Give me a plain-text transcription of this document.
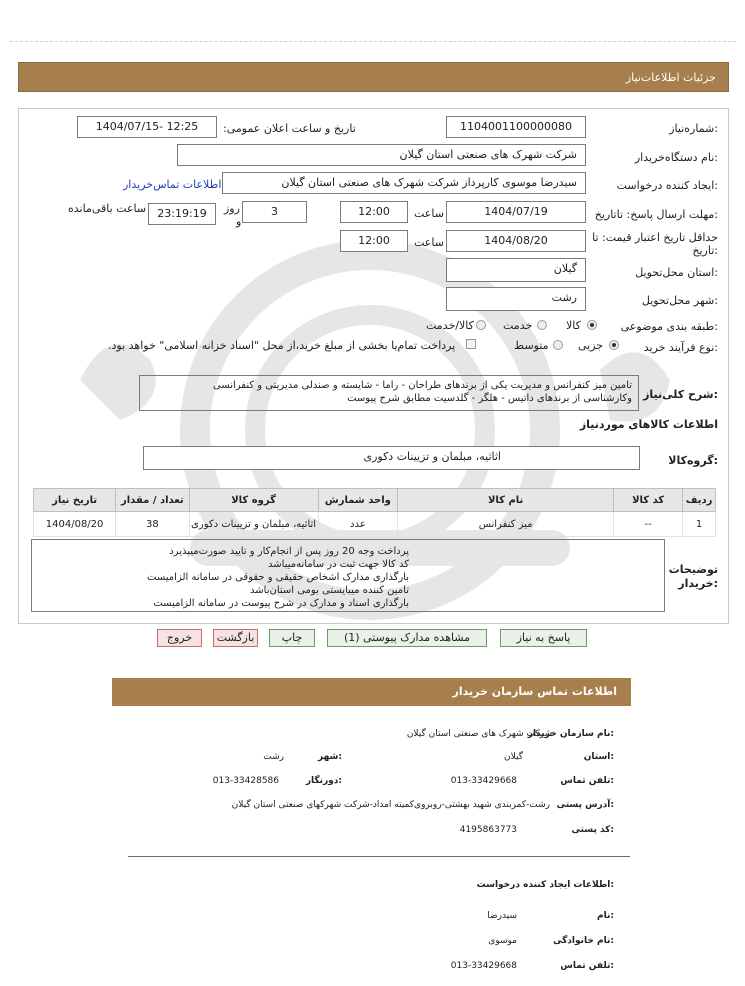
جزئیات اطلاعات‌نیاز
شماره‌نیاز:
1104001100000080
تاریخ و ساعت اعلان عمومی:
1404/07/15- 12:25
نام دستگاه‌خریدار:
شرکت شهرک های صنعتی استان گیلان
ایجاد کننده درخواست:
سیدرضا موسوی کارپرداز شرکت شهرک های صنعتی استان گیلان
اطلاعات تماس‌خریدار
مهلت ارسال پاسخ: تاتاریخ:
1404/07/19
ساعت
12:00
3
روز
و
23:19:19
ساعت باقی‌مانده
حداقل تاریخ اعتبار قیمت: تا
تاریخ:
1404/08/20
ساعت
12:00
استان محل‌تحویل:
گیلان
شهر محل‌تحویل:
رشت
طبقه بندی موضوعی:
کالا
خدمت
کالا/خدمت
نوع فرآیند خرید:
جزیی
متوسط
پرداخت تمام‌یا بخشی از مبلغ خرید،از محل "اسناد خزانه اسلامی" خواهد بود.
شرح کلی‌نیاز:
تامین میز کنفرانس و مدیریت یکی از برندهای طراحان - راما - شایسته و صندلی مدیریتی و کنفرانسی
وکارشناسی از برندهای داتیس - هلگر - گلدسیت مطابق شرح پیوست
اطلاعات کالاهای موردنیاز
گروه‌کالا:
اثاثیه، مبلمان و تزیینات دکوری
ردیف	کد کالا	نام کالا	واحد شمارش	گروه کالا	تعداد / مقدار	تاریخ نیاز
1	--	میز کنفرانس	عدد	اثاثیه، مبلمان و تزیینات دکوری	38	1404/08/20
توضیحات
خریدار:
پرداخت وجه 20 روز پس از انجام‌کار و تایید صورت‌میپذیرد
کد کالا جهت ثبت در سامانه‌میباشد
بارگذاری مدارک اشخاص حقیقی و حقوقی در سامانه الزامیست
تامین کننده میبایستی بومی استان‌باشد
بارگذاری اسناد و مدارک در شرح پیوست در سامانه الزامیست
پاسخ به نیاز
مشاهده مدارک پیوستی (1)
چاپ
بازگشت
خروج
اطلاعات تماس سازمان خریدار
نام سازمان خریدار:
شرکت شهرک های صنعتی استان گیلان
استان:
گیلان
شهر:
رشت
تلفن تماس:
013-33429668
دورنگار:
013-33428586
آدرس پستی:
رشت-کمربندی شهید بهشتی-روبروی‌کمیته امداد-شرکت شهرکهای صنعتی استان گیلان
کد پستی:
4195863773
اطلاعات ایجاد کننده درخواست:
نام:
سیدرضا
نام خانوادگی:
موسوی
تلفن تماس:
013-33429668
